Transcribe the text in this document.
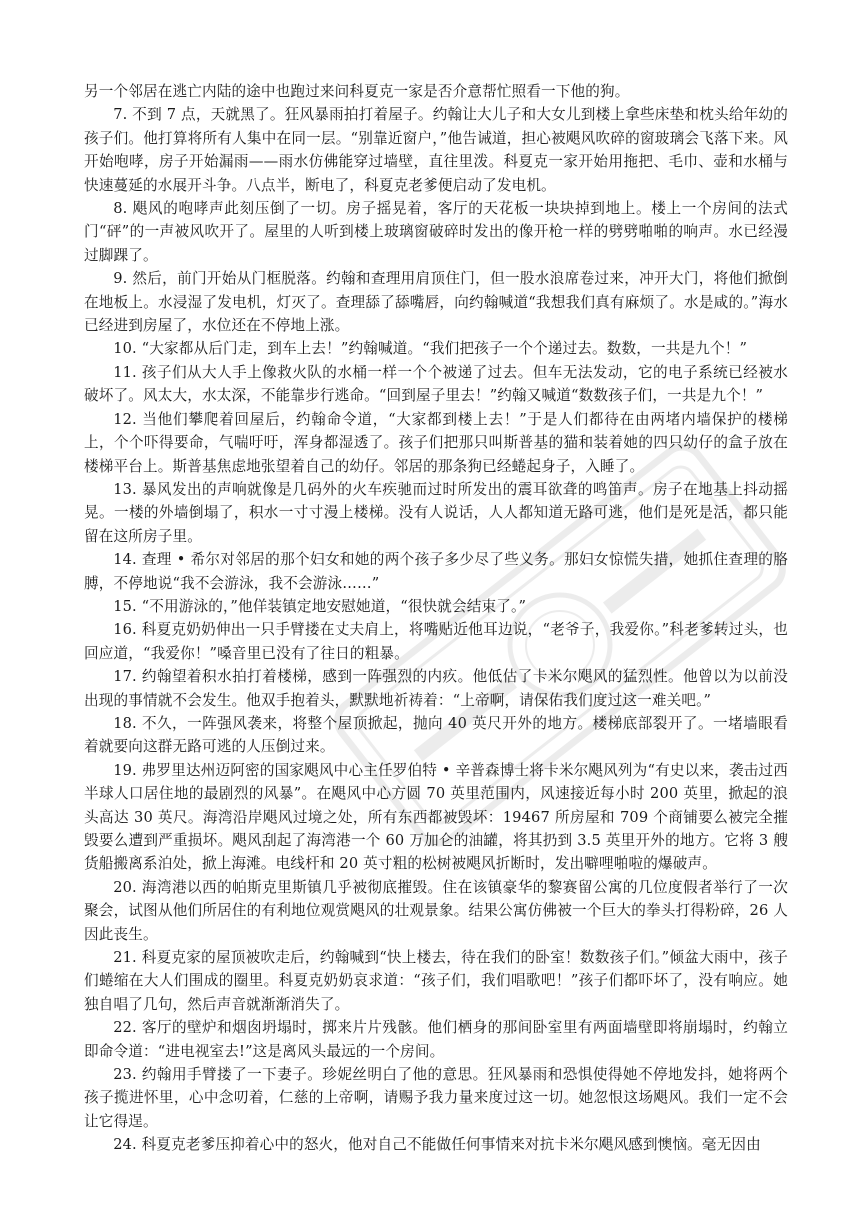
另一个邻居在逃亡内陆的途中也跑过来问科夏克一家是否介意帮忙照看一下他的狗。

7. 不到 7 点，天就黑了。狂风暴雨拍打着屋子。约翰让大儿子和大女儿到楼上拿些床垫和枕头给年幼的孩子们。他打算将所有人集中在同一层。“别靠近窗户，”他告诫道，担心被飓风吹碎的窗玻璃会飞落下来。风开始咆哮，房子开始漏雨——雨水仿佛能穿过墙壁，直往里泼。科夏克一家开始用拖把、毛巾、壶和水桶与快速蔓延的水展开斗争。八点半，断电了，科夏克老爹便启动了发电机。

8. 飓风的咆哮声此刻压倒了一切。房子摇晃着，客厅的天花板一块块掉到地上。楼上一个房间的法式门“砰”的一声被风吹开了。屋里的人听到楼上玻璃窗破碎时发出的像开枪一样的劈劈啪啪的响声。水已经漫过脚踝了。

9. 然后，前门开始从门框脱落。约翰和查理用肩顶住门，但一股水浪席卷过来，冲开大门，将他们掀倒在地板上。水浸湿了发电机，灯灭了。查理舔了舔嘴唇，向约翰喊道“我想我们真有麻烦了。水是咸的。”海水已经进到房屋了，水位还在不停地上涨。

10. “大家都从后门走，到车上去！”约翰喊道。“我们把孩子一个个递过去。数数，一共是九个！”

11. 孩子们从大人手上像救火队的水桶一样一个个被递了过去。但车无法发动，它的电子系统已经被水破坏了。风太大，水太深，不能靠步行逃命。“回到屋子里去！”约翰又喊道“数数孩子们，一共是九个！”

12. 当他们攀爬着回屋后，约翰命令道，“大家都到楼上去！”于是人们都待在由两堵内墙保护的楼梯上，个个吓得要命，气喘吁吁，浑身都湿透了。孩子们把那只叫斯普基的猫和装着她的四只幼仔的盒子放在楼梯平台上。斯普基焦虑地张望着自己的幼仔。邻居的那条狗已经蜷起身子，入睡了。

13. 暴风发出的声响就像是几码外的火车疾驰而过时所发出的震耳欲聋的鸣笛声。房子在地基上抖动摇晃。一楼的外墙倒塌了，积水一寸寸漫上楼梯。没有人说话，人人都知道无路可逃，他们是死是活，都只能留在这所房子里。

14. 查理 • 希尔对邻居的那个妇女和她的两个孩子多少尽了些义务。那妇女惊慌失措，她抓住查理的胳膊，不停地说“我不会游泳，我不会游泳……”

15. “不用游泳的，”他佯装镇定地安慰她道，“很快就会结束了。”

16. 科夏克奶奶伸出一只手臂搂在丈夫肩上，将嘴贴近他耳边说，“老爷子，我爱你。”科老爹转过头，也回应道，“我爱你！”嗓音里已没有了往日的粗暴。

17. 约翰望着积水拍打着楼梯，感到一阵强烈的内疚。他低估了卡米尔飓风的猛烈性。他曾以为以前没出现的事情就不会发生。他双手抱着头，默默地祈祷着：“上帝啊，请保佑我们度过这一难关吧。”

18. 不久，一阵强风袭来，将整个屋顶掀起，抛向 40 英尺开外的地方。楼梯底部裂开了。一堵墙眼看着就要向这群无路可逃的人压倒过来。

19. 弗罗里达州迈阿密的国家飓风中心主任罗伯特 • 辛普森博士将卡米尔飓风列为“有史以来，袭击过西半球人口居住地的最剧烈的风暴”。在飓风中心方圆 70 英里范围内，风速接近每小时 200 英里，掀起的浪头高达 30 英尺。海湾沿岸飓风过境之处，所有东西都被毁坏：19467 所房屋和 709 个商铺要么被完全摧毁要么遭到严重损坏。飓风刮起了海湾港一个 60 万加仑的油罐，将其扔到 3.5 英里开外的地方。它将 3 艘货船搬离系泊处，掀上海滩。电线杆和 20 英寸粗的松树被飓风折断时，发出噼哩啪啦的爆破声。

20. 海湾港以西的帕斯克里斯镇几乎被彻底摧毁。住在该镇豪华的黎赛留公寓的几位度假者举行了一次聚会，试图从他们所居住的有利地位观赏飓风的壮观景象。结果公寓仿佛被一个巨大的拳头打得粉碎，26 人因此丧生。

21. 科夏克家的屋顶被吹走后，约翰喊到“快上楼去，待在我们的卧室！数数孩子们。”倾盆大雨中，孩子们蜷缩在大人们围成的圈里。科夏克奶奶哀求道：“孩子们，我们唱歌吧！”孩子们都吓坏了，没有响应。她独自唱了几句，然后声音就渐渐消失了。

22. 客厅的壁炉和烟囱坍塌时，掷来片片残骸。他们栖身的那间卧室里有两面墙壁即将崩塌时，约翰立即命令道：“进电视室去!”这是离风头最远的一个房间。

23. 约翰用手臂搂了一下妻子。珍妮丝明白了他的意思。狂风暴雨和恐惧使得她不停地发抖，她将两个孩子揽进怀里，心中念叨着，仁慈的上帝啊，请赐予我力量来度过这一切。她忽恨这场飓风。我们一定不会让它得逞。

24. 科夏克老爹压抑着心中的怒火，他对自己不能做任何事情来对抗卡米尔飓风感到懊恼。毫无因由
